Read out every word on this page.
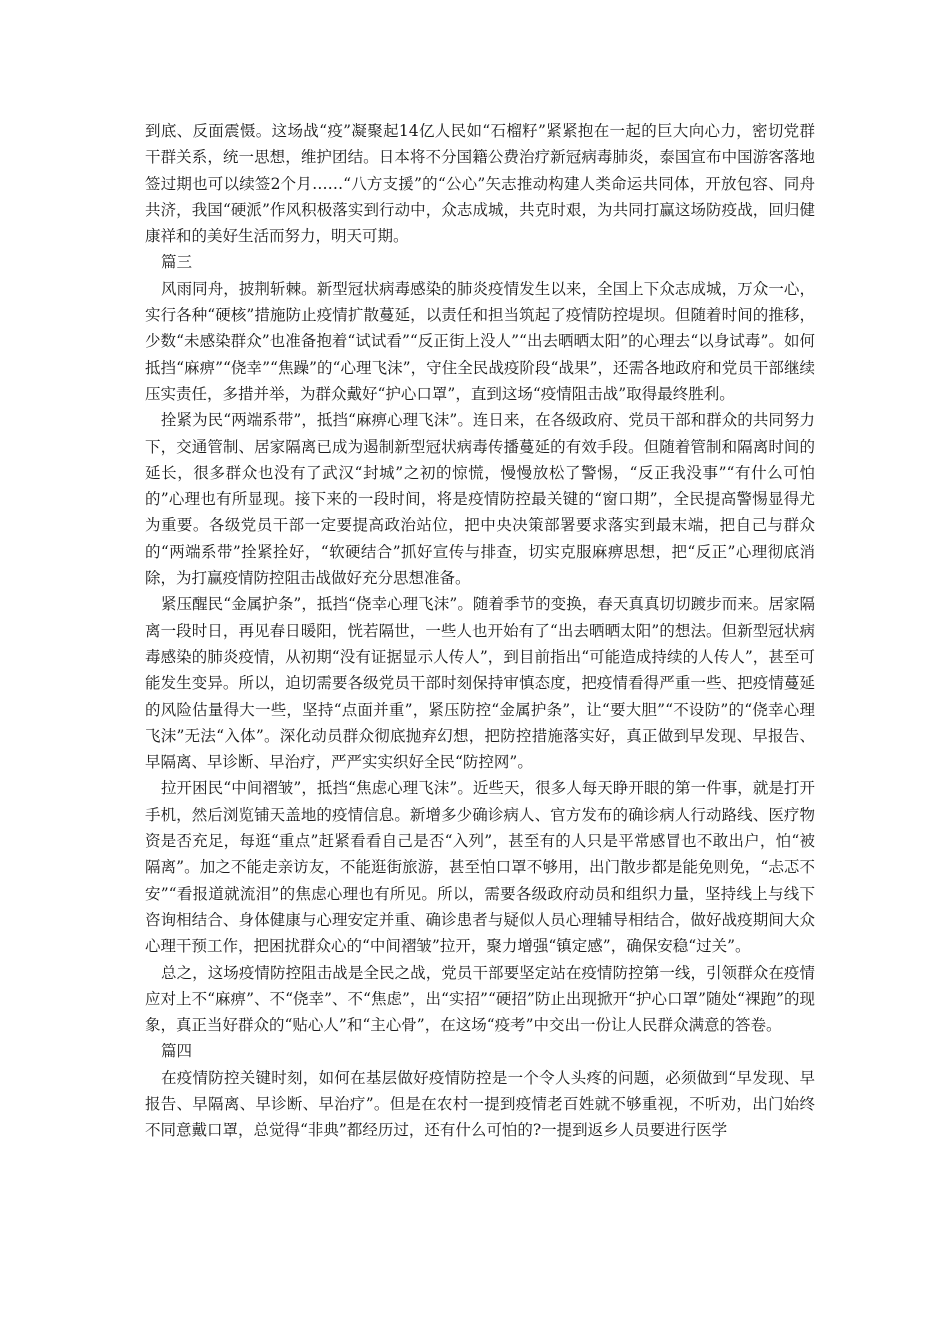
到底、反面震慑。这场战“疫”凝聚起14亿人民如“石榴籽”紧紧抱在一起的巨大向心力，密切党群干群关系，统一思想，维护团结。日本将不分国籍公费治疗新冠病毒肺炎，泰国宣布中国游客落地签过期也可以续签2个月……“八方支援”的“公心”矢志推动构建人类命运共同体，开放包容、同舟共济，我国“硬派”作风积极落实到行动中，众志成城，共克时艰，为共同打赢这场防疫战，回归健康祥和的美好生活而努力，明天可期。

篇三

风雨同舟，披荆斩棘。新型冠状病毒感染的肺炎疫情发生以来，全国上下众志成城，万众一心，实行各种“硬核”措施防止疫情扩散蔓延，以责任和担当筑起了疫情防控堤坝。但随着时间的推移，少数“未感染群众”也准备抱着“试试看”“反正街上没人”“出去晒晒太阳”的心理去“以身试毒”。如何抵挡“麻痹”“侥幸”“焦躁”的“心理飞沫”，守住全民战疫阶段“战果”，还需各地政府和党员干部继续压实责任，多措并举，为群众戴好“护心口罩”，直到这场“疫情阻击战”取得最终胜利。

拴紧为民“两端系带”，抵挡“麻痹心理飞沫”。连日来，在各级政府、党员干部和群众的共同努力下，交通管制、居家隔离已成为遏制新型冠状病毒传播蔓延的有效手段。但随着管制和隔离时间的延长，很多群众也没有了武汉“封城”之初的惊慌，慢慢放松了警惕，“反正我没事”“有什么可怕的”心理也有所显现。接下来的一段时间，将是疫情防控最关键的“窗口期”，全民提高警惕显得尤为重要。各级党员干部一定要提高政治站位，把中央决策部署要求落实到最末端，把自己与群众的“两端系带”拴紧拴好，“软硬结合”抓好宣传与排查，切实克服麻痹思想，把“反正”心理彻底消除，为打赢疫情防控阻击战做好充分思想准备。

紧压醒民“金属护条”，抵挡“侥幸心理飞沫”。随着季节的变换，春天真真切切踱步而来。居家隔离一段时日，再见春日暖阳，恍若隔世，一些人也开始有了“出去晒晒太阳”的想法。但新型冠状病毒感染的肺炎疫情，从初期“没有证据显示人传人”，到目前指出“可能造成持续的人传人”，甚至可能发生变异。所以，迫切需要各级党员干部时刻保持审慎态度，把疫情看得严重一些、把疫情蔓延的风险估量得大一些，坚持“点面并重”，紧压防控“金属护条”，让“要大胆”“不设防”的“侥幸心理飞沫”无法“入体”。深化动员群众彻底抛弃幻想，把防控措施落实好，真正做到早发现、早报告、早隔离、早诊断、早治疗，严严实实织好全民“防控网”。

拉开困民“中间褶皱”，抵挡“焦虑心理飞沫”。近些天，很多人每天睁开眼的第一件事，就是打开手机，然后浏览铺天盖地的疫情信息。新增多少确诊病人、官方发布的确诊病人行动路线、医疗物资是否充足，每逛“重点”赶紧看看自己是否“入列”，甚至有的人只是平常感冒也不敢出户，怕“被隔离”。加之不能走亲访友，不能逛街旅游，甚至怕口罩不够用，出门散步都是能免则免，“忐忑不安”“看报道就流泪”的焦虑心理也有所见。所以，需要各级政府动员和组织力量，坚持线上与线下咨询相结合、身体健康与心理安定并重、确诊患者与疑似人员心理辅导相结合，做好战疫期间大众心理干预工作，把困扰群众心的“中间褶皱”拉开，聚力增强“镇定感”，确保安稳“过关”。

总之，这场疫情防控阻击战是全民之战，党员干部要坚定站在疫情防控第一线，引领群众在疫情应对上不“麻痹”、不“侥幸”、不“焦虑”，出“实招”“硬招”防止出现掀开“护心口罩”随处“裸跑”的现象，真正当好群众的“贴心人”和“主心骨”，在这场“疫考”中交出一份让人民群众满意的答卷。

篇四

在疫情防控关键时刻，如何在基层做好疫情防控是一个令人头疼的问题，必须做到“早发现、早报告、早隔离、早诊断、早治疗”。但是在农村一提到疫情老百姓就不够重视，不听劝，出门始终不同意戴口罩，总觉得“非典”都经历过，还有什么可怕的?一提到返乡人员要进行医学
